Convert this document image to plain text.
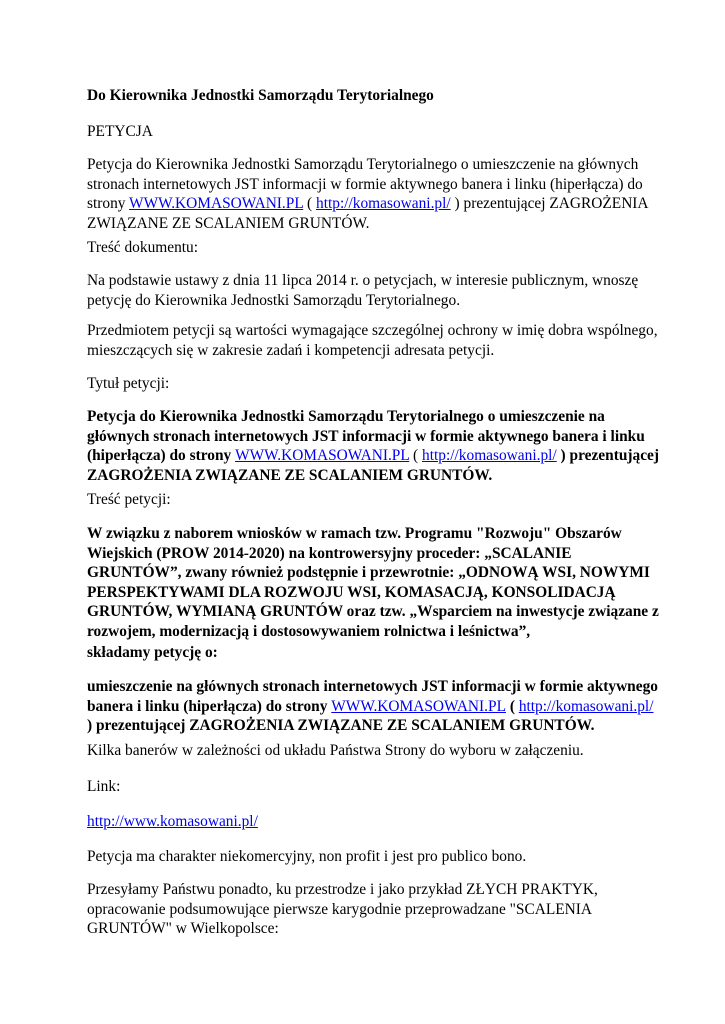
Do Kierownika Jednostki Samorządu Terytorialnego

PETYCJA

Petycja do Kierownika Jednostki Samorządu Terytorialnego o umieszczenie na głównych
stronach internetowych JST informacji w formie aktywnego banera i linku (hiperłącza) do
strony WWW.KOMASOWANI.PL ( http://komasowani.pl/ ) prezentującej ZAGROŻENIA
ZWIĄZANE ZE SCALANIEM GRUNTÓW.

Treść dokumentu:

Na podstawie ustawy z dnia 11 lipca 2014 r. o petycjach, w interesie publicznym, wnoszę
petycję do Kierownika Jednostki Samorządu Terytorialnego.
Przedmiotem petycji są wartości wymagające szczególnej ochrony w imię dobra wspólnego,
mieszczących się w zakresie zadań i kompetencji adresata petycji.

Tytuł petycji:

Petycja do Kierownika Jednostki Samorządu Terytorialnego o umieszczenie na
głównych stronach internetowych JST informacji w formie aktywnego banera i linku
(hiperłącza) do strony WWW.KOMASOWANI.PL ( http://komasowani.pl/ ) prezentującej
ZAGROŻENIA ZWIĄZANE ZE SCALANIEM GRUNTÓW.

Treść petycji:

W związku z naborem wniosków w ramach tzw. Programu "Rozwoju" Obszarów
Wiejskich (PROW 2014-2020) na kontrowersyjny proceder: „SCALANIE
GRUNTÓW”, zwany również podstępnie i przewrotnie: „ODNOWĄ WSI, NOWYMI
PERSPEKTYWAMI DLA ROZWOJU WSI, KOMASACJĄ, KONSOLIDACJĄ
GRUNTÓW, WYMIANĄ GRUNTÓW oraz tzw. „Wsparciem na inwestycje związane z
rozwojem, modernizacją i dostosowywaniem rolnictwa i leśnictwa”,

składamy petycję o:

umieszczenie na głównych stronach internetowych JST informacji w formie aktywnego
banera i linku (hiperłącza) do strony WWW.KOMASOWANI.PL ( http://komasowani.pl/
) prezentującej ZAGROŻENIA ZWIĄZANE ZE SCALANIEM GRUNTÓW.

Kilka banerów w zależności od układu Państwa Strony do wyboru w załączeniu.

Link:

http://www.komasowani.pl/

Petycja ma charakter niekomercyjny, non profit i jest pro publico bono.

Przesyłamy Państwu ponadto, ku przestrodze i jako przykład ZŁYCH PRAKTYK,
opracowanie podsumowujące pierwsze karygodnie przeprowadzane "SCALENIA
GRUNTÓW" w Wielkopolsce:
